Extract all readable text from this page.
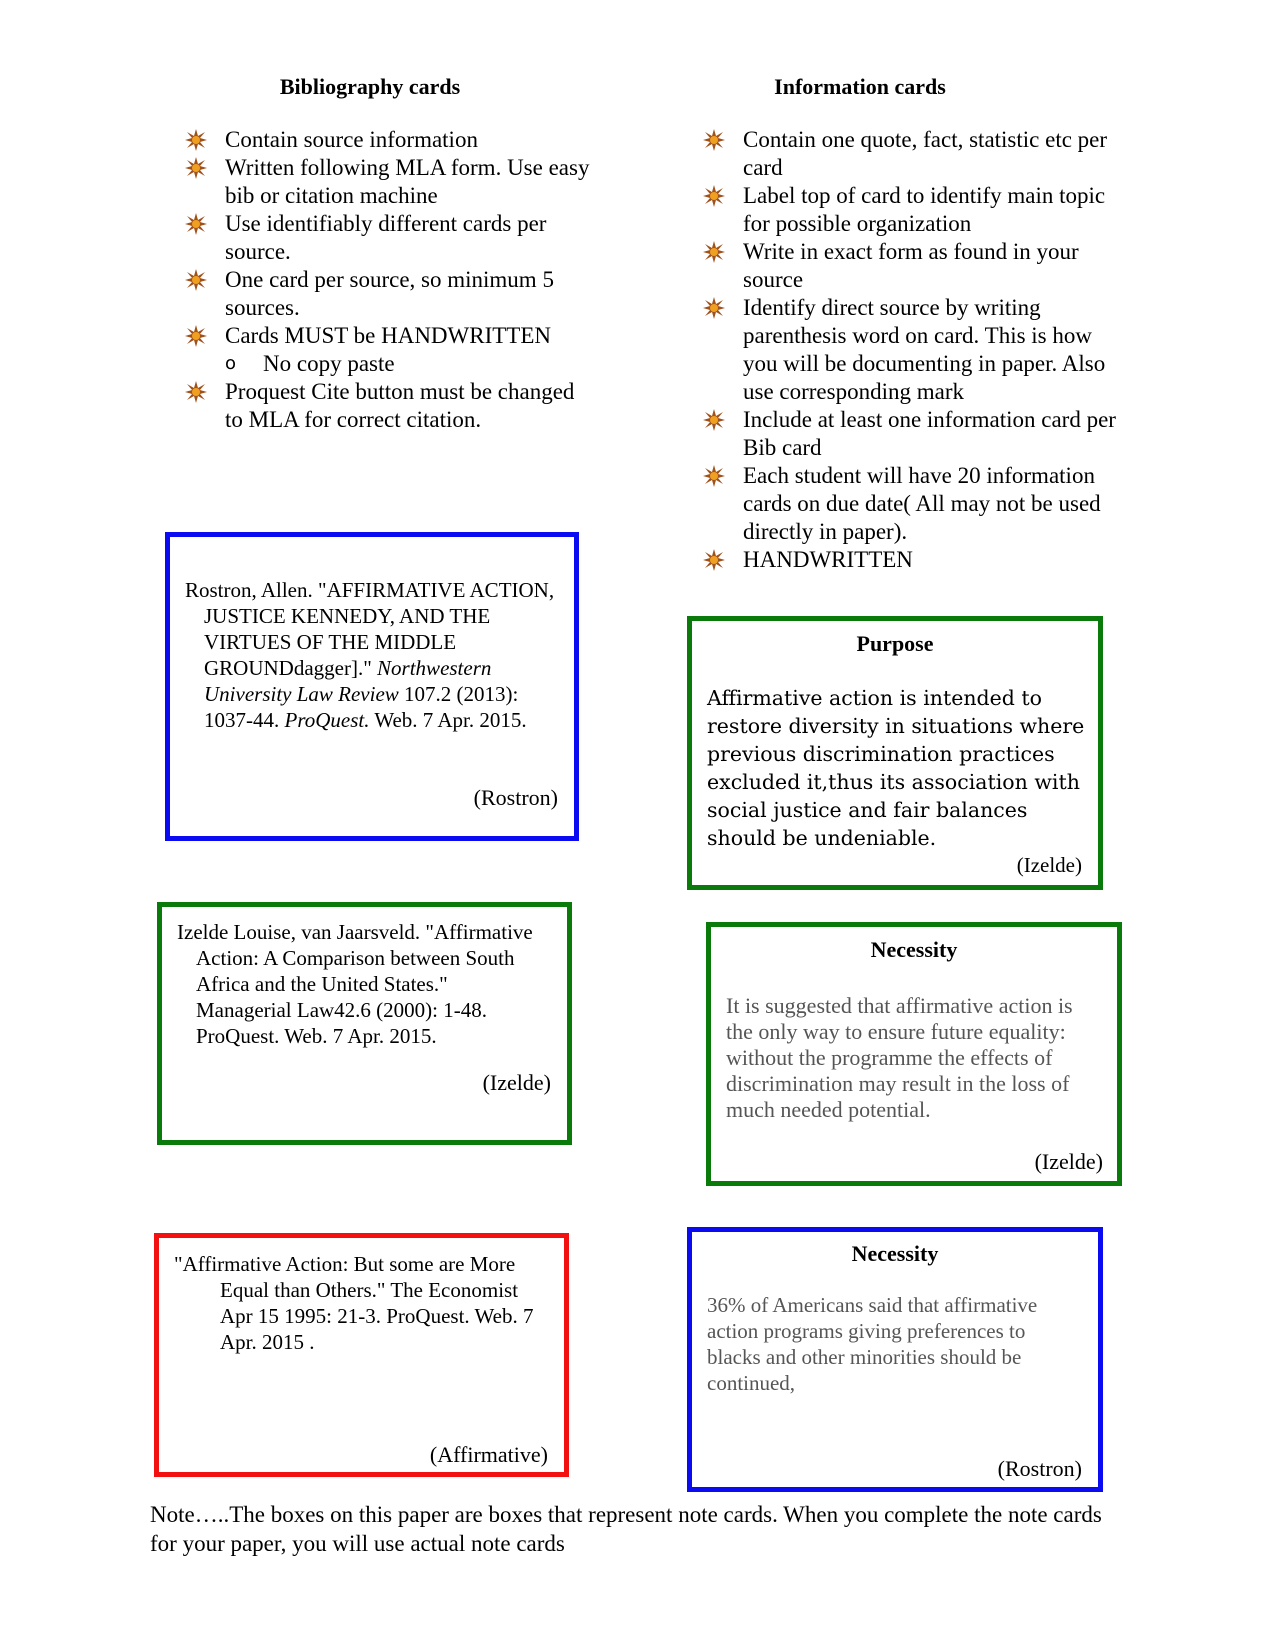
Bibliography cards
Contain source information
Written following MLA form. Use easy bib or citation machine
Use identifiably different cards per source.
One card per source, so minimum 5 sources.
Cards MUST be HANDWRITTEN
o No copy paste
Proquest Cite button must be changed to MLA for correct citation.
Information cards
Contain one quote, fact, statistic etc per card
Label top of card to identify main topic for possible organization
Write in exact form as found in your source
Identify direct source by writing parenthesis word on card. This is how you will be documenting in paper. Also use corresponding mark
Include at least one information card per Bib card
Each student will have 20 information cards on due date( All may not be used directly in paper).
HANDWRITTEN
Rostron, Allen. "AFFIRMATIVE ACTION, JUSTICE KENNEDY, AND THE VIRTUES OF THE MIDDLE GROUNDdagger]." Northwestern University Law Review 107.2 (2013): 1037-44. ProQuest. Web. 7 Apr. 2015.
(Rostron)
Izelde Louise, van Jaarsveld. "Affirmative Action: A Comparison between South Africa and the United States." Managerial Law42.6 (2000): 1-48. ProQuest. Web. 7 Apr. 2015.
(Izelde)
"Affirmative Action: But some are More Equal than Others." The Economist Apr 15 1995: 21-3. ProQuest. Web. 7 Apr. 2015 .
(Affirmative)
Purpose
Affirmative action is intended to restore diversity in situations where previous discrimination practices excluded it,thus its association with social justice and fair balances should be undeniable.
(Izelde)
Necessity
It is suggested that affirmative action is the only way to ensure future equality: without the programme the effects of discrimination may result in the loss of much needed potential.
(Izelde)
Necessity
36% of Americans said that affirmative action programs giving preferences to blacks and other minorities should be continued,
(Rostron)
Note…..The boxes on this paper are boxes that represent note cards. When you complete the note cards for your paper, you will use actual note cards
